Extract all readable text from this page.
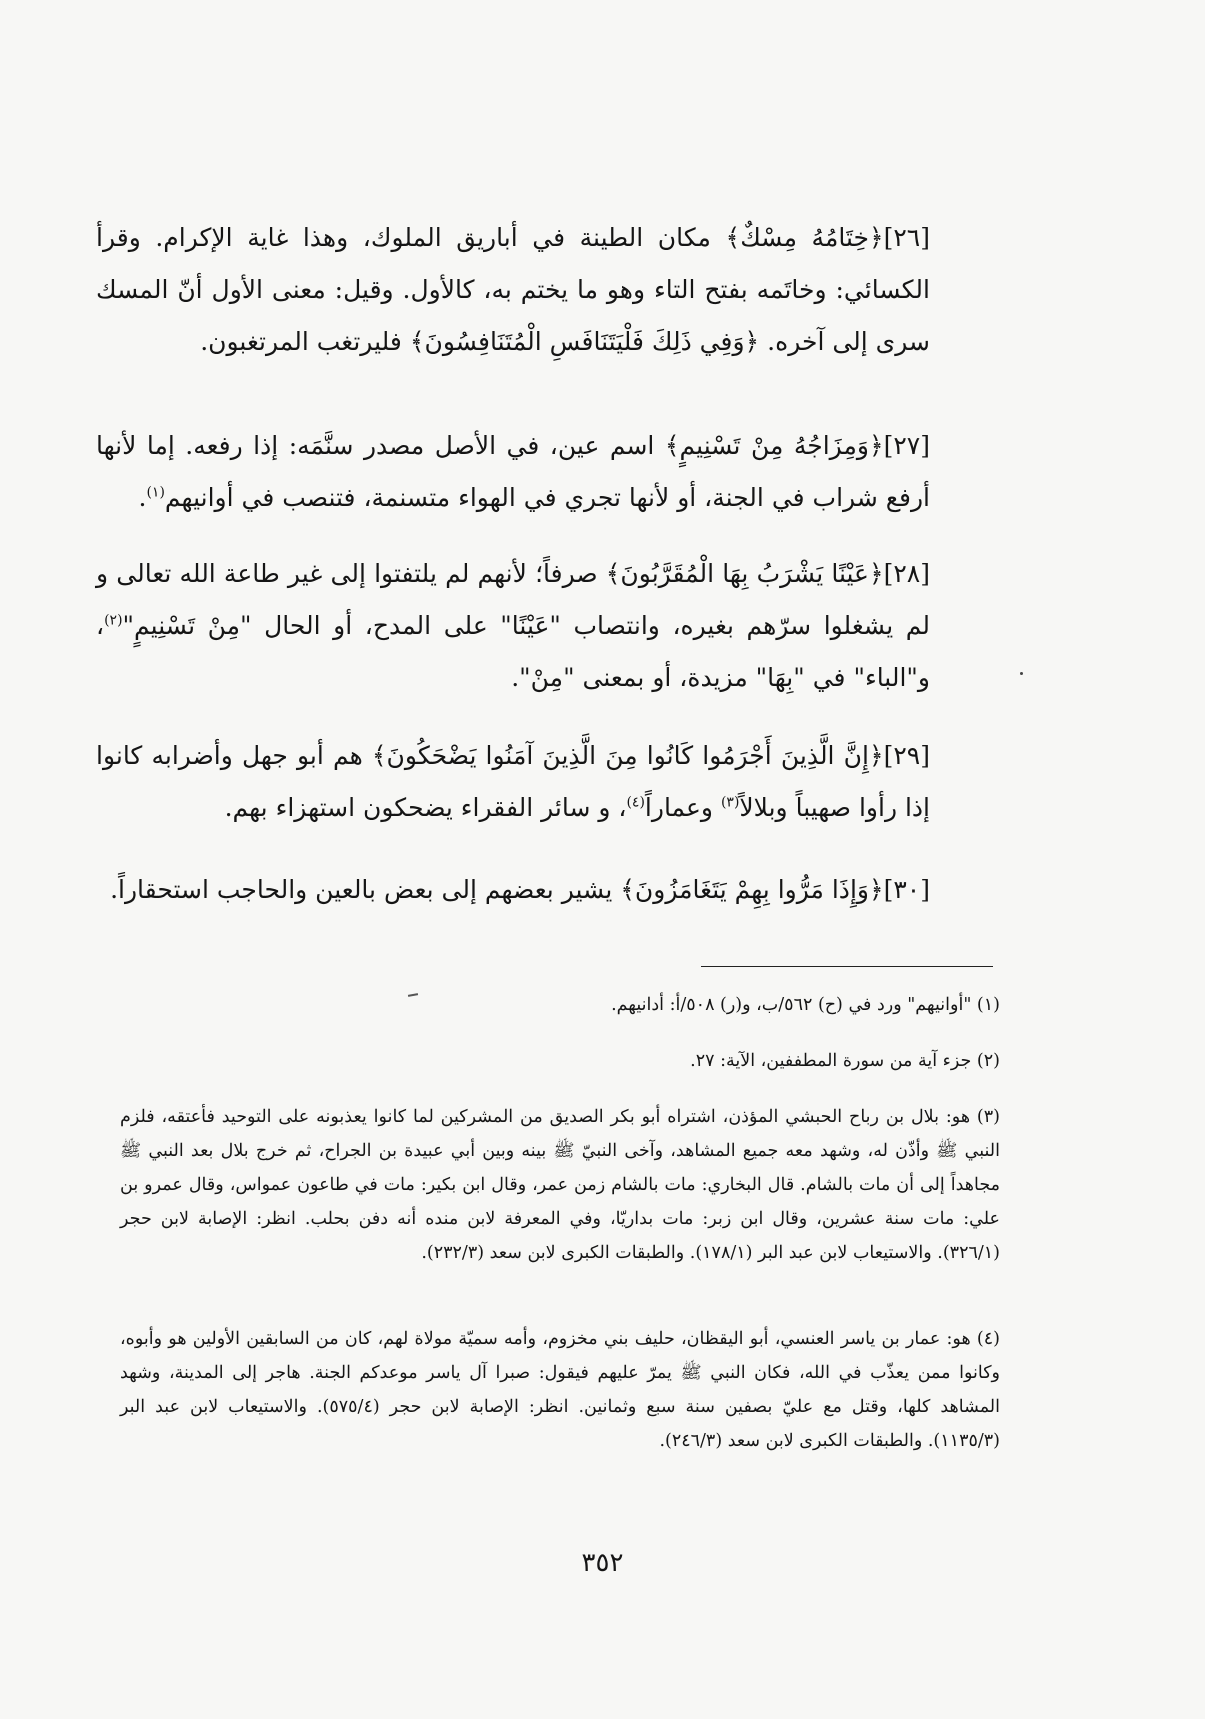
[٢٦]﴿خِتَامُهُ مِسْكٌ﴾ مكان الطينة في أباريق الملوك، وهذا غاية الإكرام. وقرأ الكسائي: وخاتَمه بفتح التاء وهو ما يختم به، كالأول. وقيل: معنى الأول أنّ المسك سرى إلى آخره. ﴿وَفِي ذَلِكَ فَلْيَتَنَافَسِ الْمُتَنَافِسُونَ﴾ فليرتغب المرتغبون.

[٢٧]﴿وَمِزَاجُهُ مِنْ تَسْنِيمٍ﴾ اسم عين، في الأصل مصدر سنَّمَه: إذا رفعه. إما لأنها أرفع شراب في الجنة، أو لأنها تجري في الهواء متسنمة، فتنصب في أوانيهم$^{(١)}$.

[٢٨]﴿عَيْنًا يَشْرَبُ بِهَا الْمُقَرَّبُونَ﴾ صرفاً؛ لأنهم لم يلتفتوا إلى غير طاعة الله تعالى و لم يشغلوا سرّهم بغيره، وانتصاب "عَيْنًا" على المدح، أو الحال "مِنْ تَسْنِيمٍ"$^{(٢)}$، و"الباء" في "بِهَا" مزيدة، أو بمعنى "مِنْ".

[٢٩]﴿إِنَّ الَّذِينَ أَجْرَمُوا كَانُوا مِنَ الَّذِينَ آمَنُوا يَضْحَكُونَ﴾ هم أبو جهل وأضرابه كانوا إذا رأوا صهيباً وبلالاً$^{(٣)}$ وعماراً$^{(٤)}$، و سائر الفقراء يضحكون استهزاء بهم.

[٣٠]﴿وَإِذَا مَرُّوا بِهِمْ يَتَغَامَزُونَ﴾ يشير بعضهم إلى بعض بالعين والحاجب استحقاراً.

(١) "أوانيهم" ورد في (ح) ٥٦٢/ب، و(ر) ٥٠٨/أ: أدانيهم.

(٢) جزء آية من سورة المطففين، الآية: ٢٧.

(٣) هو: بلال بن رباح الحبشي المؤذن، اشتراه أبو بكر الصديق من المشركين لما كانوا يعذبونه على التوحيد فأعتقه، فلزم النبي ﷺ وأذّن له، وشهد معه جميع المشاهد، وآخى النبيّ ﷺ بينه وبين أبي عبيدة بن الجراح، ثم خرج بلال بعد النبي ﷺ مجاهداً إلى أن مات بالشام. قال البخاري: مات بالشام زمن عمر، وقال ابن بكير: مات في طاعون عمواس، وقال عمرو بن علي: مات سنة عشرين، وقال ابن زبر: مات بداريّا، وفي المعرفة لابن منده أنه دفن بحلب. انظر: الإصابة لابن حجر (٣٢٦/١). والاستيعاب لابن عبد البر (١٧٨/١). والطبقات الكبرى لابن سعد (٢٣٢/٣).

(٤) هو: عمار بن ياسر العنسي، أبو اليقظان، حليف بني مخزوم، وأمه سميّة مولاة لهم، كان من السابقين الأولين هو وأبوه، وكانوا ممن يعذّب في الله، فكان النبي ﷺ يمرّ عليهم فيقول: صبرا آل ياسر موعدكم الجنة. هاجر إلى المدينة، وشهد المشاهد كلها، وقتل مع عليّ بصفين سنة سبع وثمانين. انظر: الإصابة لابن حجر (٥٧٥/٤). والاستيعاب لابن عبد البر (١١٣٥/٣). والطبقات الكبرى لابن سعد (٢٤٦/٣).

٣٥٢
